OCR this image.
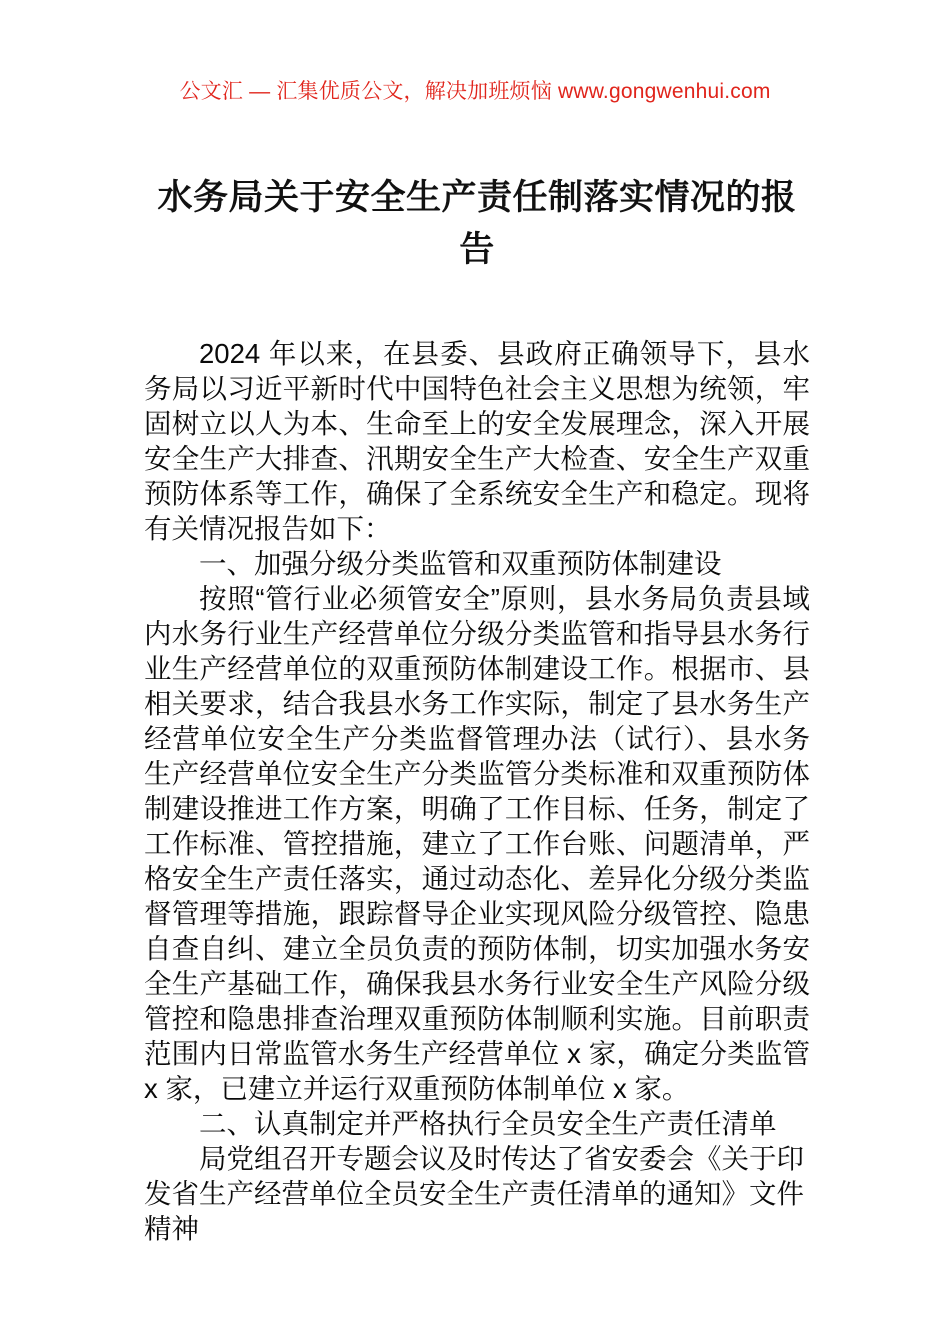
公文汇 — 汇集优质公文，解决加班烦恼 www.gongwenhui.com
水务局关于安全生产责任制落实情况的报告

2024 年以来，在县委、县政府正确领导下，县水务局以习近平新时代中国特色社会主义思想为统领，牢固树立以人为本、生命至上的安全发展理念，深入开展安全生产大排查、汛期安全生产大检查、安全生产双重预防体系等工作，确保了全系统安全生产和稳定。现将有关情况报告如下：

一、加强分级分类监管和双重预防体制建设

按照“管行业必须管安全”原则，县水务局负责县域内水务行业生产经营单位分级分类监管和指导县水务行业生产经营单位的双重预防体制建设工作。根据市、县相关要求，结合我县水务工作实际，制定了县水务生产经营单位安全生产分类监督管理办法（试行）、县水务生产经营单位安全生产分类监管分类标准和双重预防体制建设推进工作方案，明确了工作目标、任务，制定了工作标准、管控措施，建立了工作台账、问题清单，严格安全生产责任落实，通过动态化、差异化分级分类监督管理等措施，跟踪督导企业实现风险分级管控、隐患自查自纠、建立全员负责的预防体制，切实加强水务安全生产基础工作，确保我县水务行业安全生产风险分级管控和隐患排查治理双重预防体制顺利实施。目前职责范围内日常监管水务生产经营单位 x 家，确定分类监管 x 家，已建立并运行双重预防体制单位 x 家。

二、认真制定并严格执行全员安全生产责任清单

局党组召开专题会议及时传达了省安委会《关于印发省生产经营单位全员安全生产责任清单的通知》文件精神
